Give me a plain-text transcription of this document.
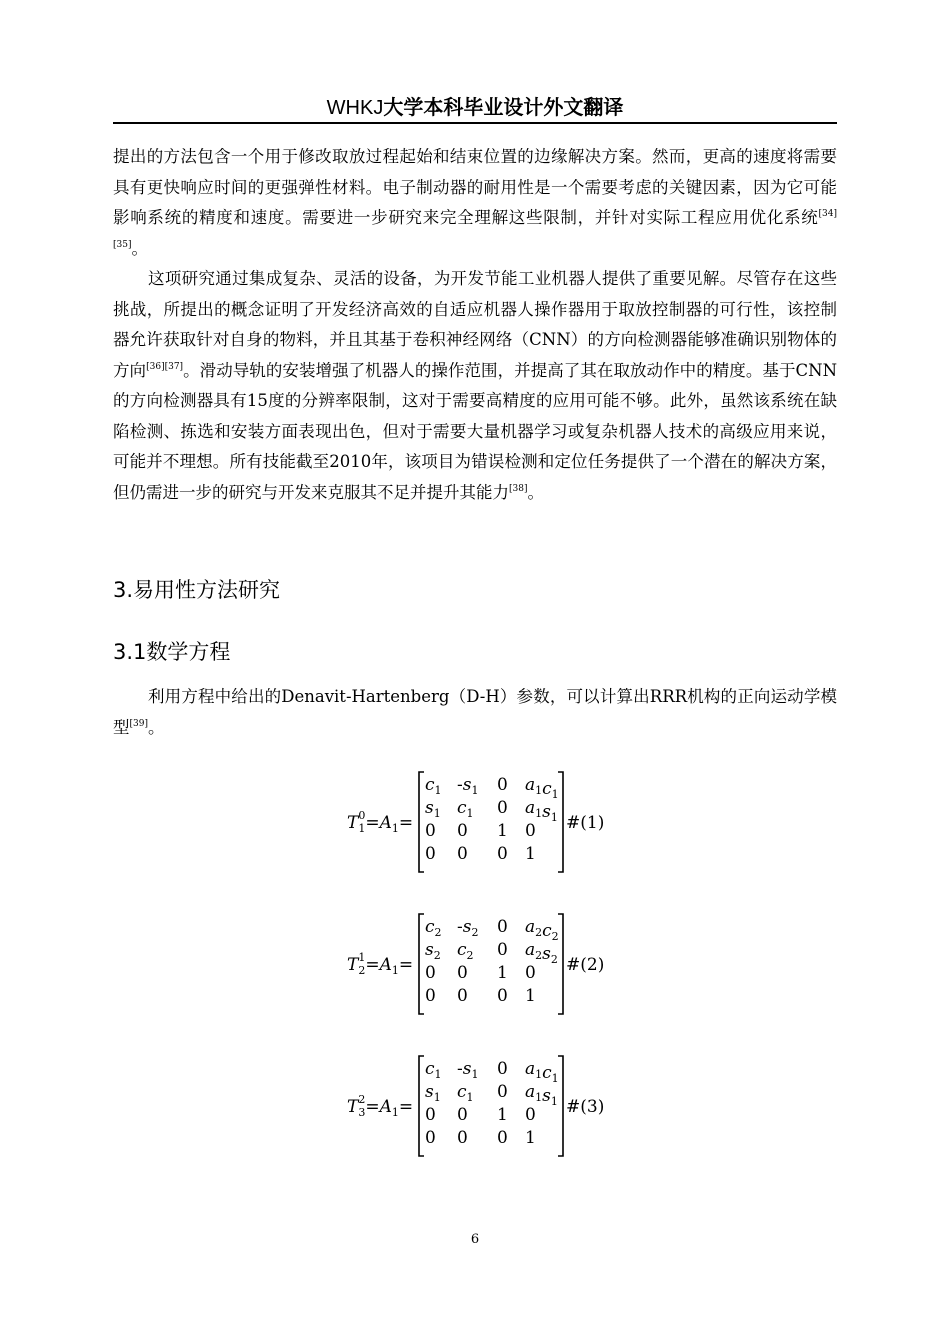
WHKJ大学本科毕业设计外文翻译

提出的方法包含一个用于修改取放过程起始和结束位置的边缘解决方案。然而，更高的速度将需要具有更快响应时间的更强弹性材料。电子制动器的耐用性是一个需要考虑的关键因素，因为它可能影响系统的精度和速度。需要进一步研究来完全理解这些限制，并针对实际工程应用优化系统[34][35]。

这项研究通过集成复杂、灵活的设备，为开发节能工业机器人提供了重要见解。尽管存在这些挑战，所提出的概念证明了开发经济高效的自适应机器人操作器用于取放控制器的可行性，该控制器允许获取针对自身的物料，并且其基于卷积神经网络（CNN）的方向检测器能够准确识别物体的方向[36][37]。滑动导轨的安装增强了机器人的操作范围，并提高了其在取放动作中的精度。基于CNN的方向检测器具有15度的分辨率限制，这对于需要高精度的应用可能不够。此外，虽然该系统在缺陷检测、拣选和安装方面表现出色，但对于需要大量机器学习或复杂机器人技术的高级应用来说，可能并不理想。所有技能截至2010年，该项目为错误检测和定位任务提供了一个潜在的解决方案，但仍需进一步的研究与开发来克服其不足并提升其能力[38]。

3.易用性方法研究
3.1数学方程

利用方程中给出的Denavit-Hartenberg（D-H）参数，可以计算出RRR机构的正向运动学模型[39]。

$T^0$ $1=A_1=$
$c_1$ $-s_1$ 0 $a_1c_1$
$s_1$ $c_1$ 0 $a_1s_1$
0 0 1 0
0 0 0 1
#(1)
$T^1$ $2=A_1=$
$c_2$ $-s_2$ 0 $a_2c_2$
$s_2$ $c_2$ 0 $a_2s_2$
0 0 1 0
0 0 0 1
#(2)
$T^2$ $3=A_1=$
$c_1$ $-s_1$ 0 $a_1c_1$
$s_1$ $c_1$ 0 $a_1s_1$
0 0 1 0
0 0 0 1
#(3)
6
